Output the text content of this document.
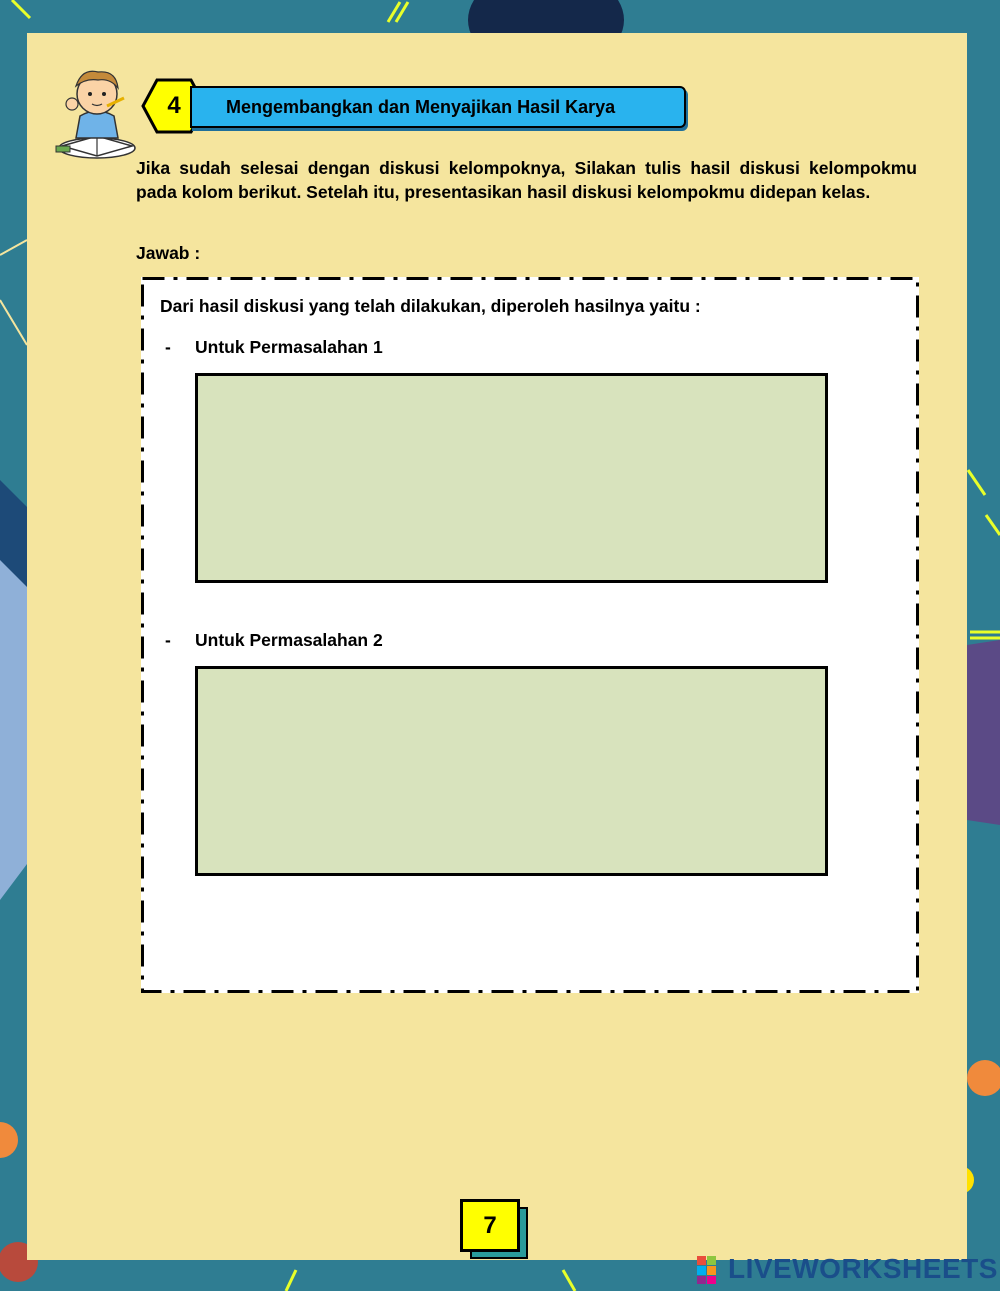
Mengembangkan dan Menyajikan Hasil Karya
4

Jika sudah selesai dengan diskusi kelompoknya, Silakan tulis hasil diskusi kelompokmu pada kolom berikut. Setelah itu, presentasikan hasil diskusi kelompokmu didepan kelas.

Jawab :
Dari hasil diskusi yang telah dilakukan, diperoleh hasilnya yaitu :
- Untuk Permasalahan 1
- Untuk Permasalahan 2
7
LIVEWORKSHEETS
